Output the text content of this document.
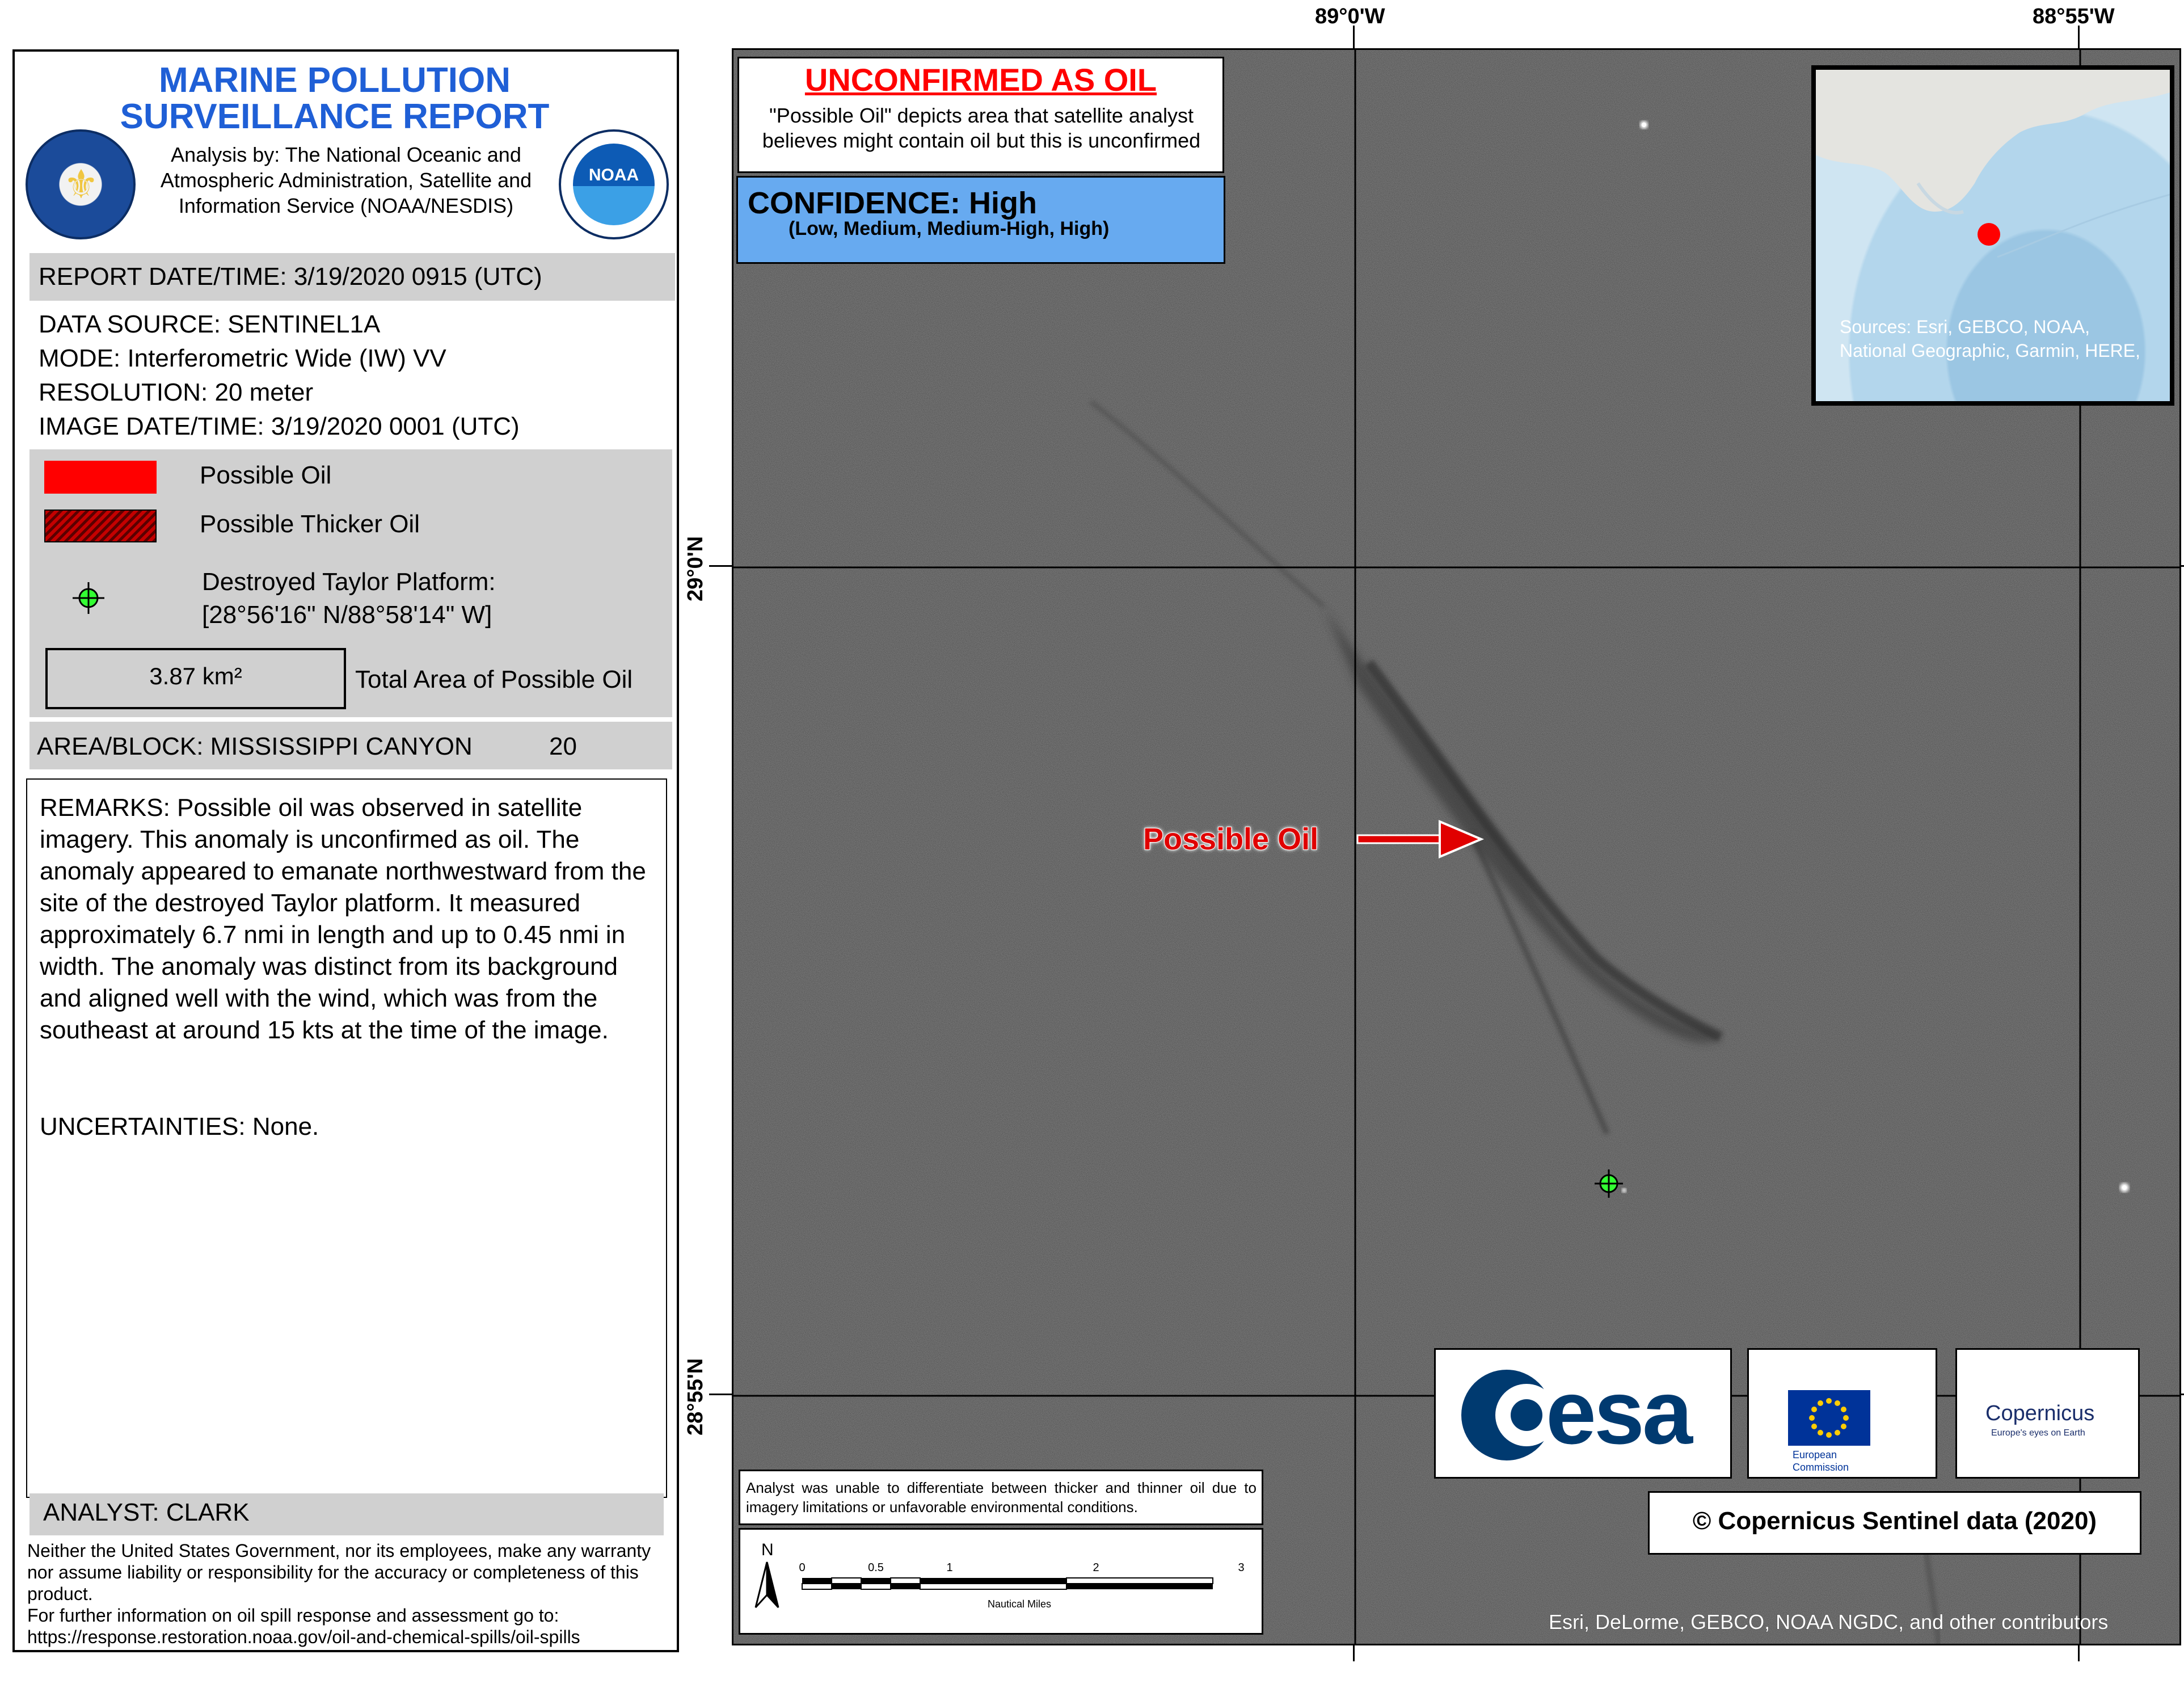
MARINE POLLUTION
SURVEILLANCE REPORT
⚜	NOAA
Analysis by: The National Oceanic and Atmospheric Administration, Satellite and Information Service (NOAA/NESDIS)
REPORT DATE/TIME: 3/19/2020 0915 (UTC)
DATA SOURCE: SENTINEL1A
MODE: Interferometric Wide (IW) VV
RESOLUTION: 20 meter
IMAGE DATE/TIME: 3/19/2020 0001 (UTC)
Possible Oil
Possible Thicker Oil
Destroyed Taylor Platform:
[28°56'16" N/88°58'14" W]
3.87 km²	Total Area of Possible Oil
AREA/BLOCK: MISSISSIPPI CANYON	20
REMARKS: Possible oil was observed in satellite imagery. This anomaly is unconfirmed as oil. The anomaly appeared to emanate northwestward from the site of the destroyed Taylor platform. It measured approximately 6.7 nmi in length and up to 0.45 nmi in width. The anomaly was distinct from its background and aligned well with the wind, which was from the southeast at around 15 kts at the time of the image.
UNCERTAINTIES: None.
ANALYST: CLARK
Neither the United States Government, nor its employees, make any warranty nor assume liability or responsibility for the accuracy or completeness of this product.
For further information on oil spill response and assessment go to:
https://response.restoration.noaa.gov/oil-and-chemical-spills/oil-spills
89°0'W	88°55'W
29°0'N
28°55'N
UNCONFIRMED AS OIL
"Possible Oil" depicts area that satellite analyst believes might contain oil but this is unconfirmed
CONFIDENCE: High
(Low, Medium, Medium-High, High)
Sources: Esri, GEBCO, NOAA, National Geographic, Garmin, HERE,
Possible Oil
esa	European
Commission
Copernicus
Europe's eyes on Earth
Analyst was unable to differentiate between thicker and thinner oil due to imagery limitations or unfavorable environmental conditions.	© Copernicus Sentinel data (2020)
N
0	0.5	1	2	3
Nautical Miles
Esri, DeLorme, GEBCO, NOAA NGDC, and other contributors
